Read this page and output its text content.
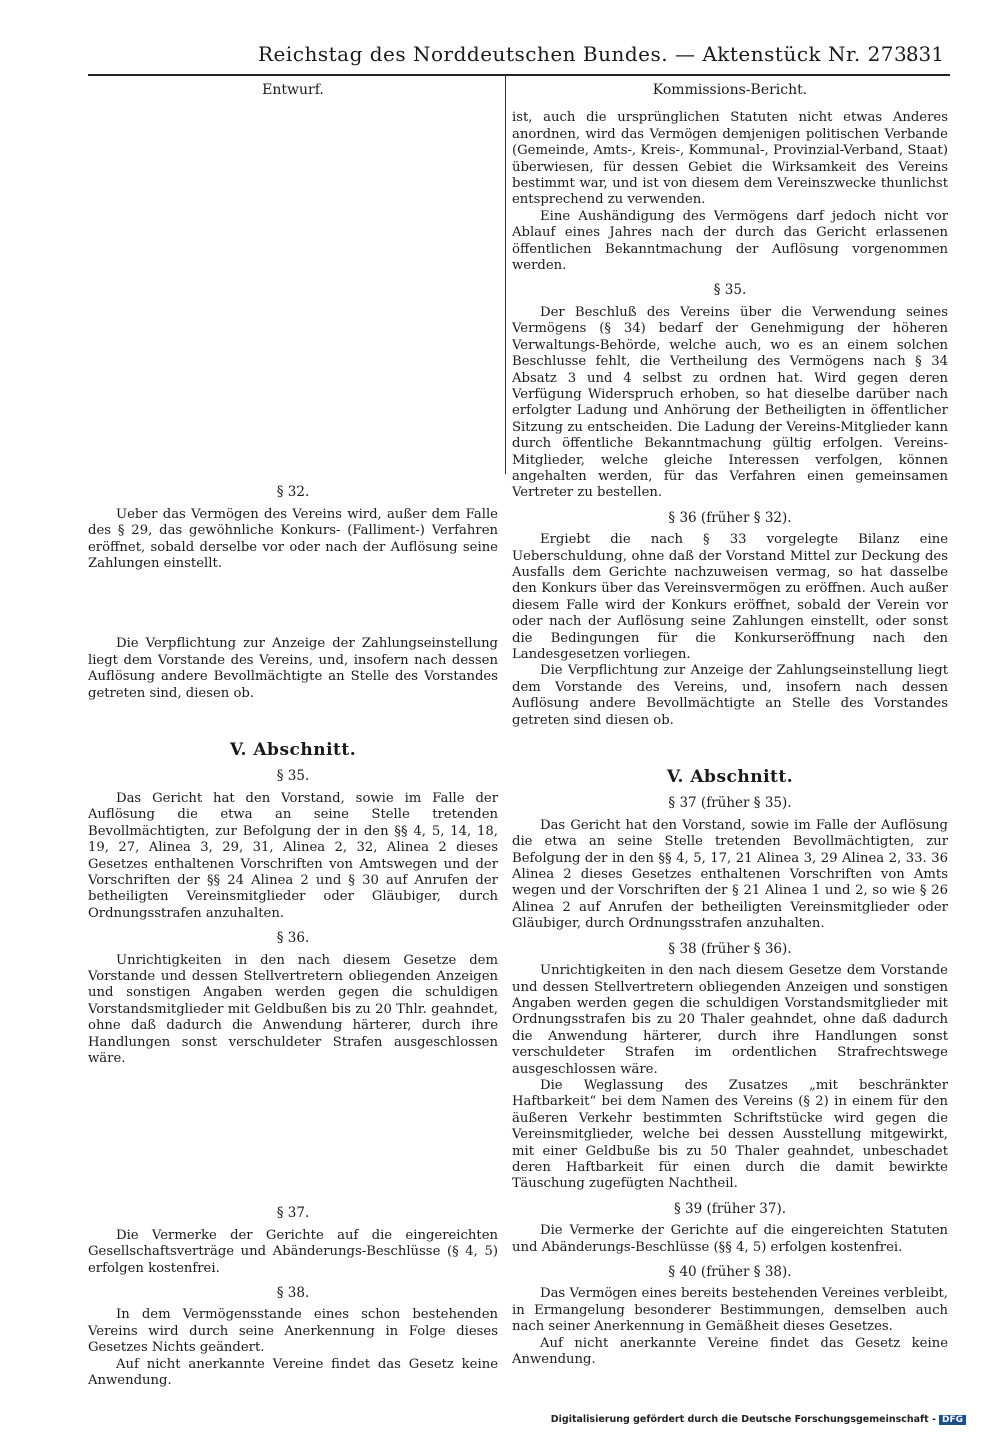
Reichstag des Norddeutschen Bundes. — Aktenstück Nr. 273.
831
Entwurf.
§ 32.

Ueber das Vermögen des Vereins wird, außer dem Falle des § 29, das gewöhnliche Konkurs- (Falliment-) Verfahren eröffnet, sobald derselbe vor oder nach der Auflösung seine Zahlungen einstellt.

Die Verpflichtung zur Anzeige der Zahlungseinstellung liegt dem Vorstande des Vereins, und, insofern nach dessen Auflösung andere Bevollmächtigte an Stelle des Vorstandes getreten sind, diesen ob.

V. Abschnitt.
§ 35.

Das Gericht hat den Vorstand, sowie im Falle der Auflösung die etwa an seine Stelle tretenden Bevollmächtigten, zur Befolgung der in den §§ 4, 5, 14, 18, 19, 27, Alinea 3, 29, 31, Alinea 2, 32, Alinea 2 dieses Gesetzes enthaltenen Vorschriften von Amtswegen und der Vorschriften der §§ 24 Alinea 2 und § 30 auf Anrufen der betheiligten Vereinsmitglieder oder Gläubiger, durch Ordnungsstrafen anzuhalten.

§ 36.

Unrichtigkeiten in den nach diesem Gesetze dem Vorstande und dessen Stellvertretern obliegenden Anzeigen und sonstigen Angaben werden gegen die schuldigen Vorstandsmitglieder mit Geldbußen bis zu 20 Thlr. geahndet, ohne daß dadurch die Anwendung härterer, durch ihre Handlungen sonst verschuldeter Strafen ausgeschlossen wäre.

§ 37.

Die Vermerke der Gerichte auf die eingereichten Gesellschaftsverträge und Abänderungs-Beschlüsse (§ 4, 5) erfolgen kostenfrei.

§ 38.

In dem Vermögensstande eines schon bestehenden Vereins wird durch seine Anerkennung in Folge dieses Gesetzes Nichts geändert.

Auf nicht anerkannte Vereine findet das Gesetz keine Anwendung.

Kommissions-Bericht.

ist, auch die ursprünglichen Statuten nicht etwas Anderes anordnen, wird das Vermögen demjenigen politischen Verbande (Gemeinde, Amts-, Kreis-, Kommunal-, Provinzial-Verband, Staat) überwiesen, für dessen Gebiet die Wirksamkeit des Vereins bestimmt war, und ist von diesem dem Vereinszwecke thunlichst entsprechend zu verwenden.

Eine Aushändigung des Vermögens darf jedoch nicht vor Ablauf eines Jahres nach der durch das Gericht erlassenen öffentlichen Bekanntmachung der Auflösung vorgenommen werden.

§ 35.

Der Beschluß des Vereins über die Verwendung seines Vermögens (§ 34) bedarf der Genehmigung der höheren Verwaltungs-Behörde, welche auch, wo es an einem solchen Beschlusse fehlt, die Vertheilung des Vermögens nach § 34 Absatz 3 und 4 selbst zu ordnen hat. Wird gegen deren Verfügung Widerspruch erhoben, so hat dieselbe darüber nach erfolgter Ladung und Anhörung der Betheiligten in öffentlicher Sitzung zu entscheiden. Die Ladung der Vereins-Mitglieder kann durch öffentliche Bekanntmachung gültig erfolgen. Vereins-Mitglieder, welche gleiche Interessen verfolgen, können angehalten werden, für das Verfahren einen gemeinsamen Vertreter zu bestellen.

§ 36 (früher § 32).

Ergiebt die nach § 33 vorgelegte Bilanz eine Ueberschuldung, ohne daß der Vorstand Mittel zur Deckung des Ausfalls dem Gerichte nachzuweisen vermag, so hat dasselbe den Konkurs über das Vereinsvermögen zu eröffnen. Auch außer diesem Falle wird der Konkurs eröffnet, sobald der Verein vor oder nach der Auflösung seine Zahlungen einstellt, oder sonst die Bedingungen für die Konkurseröffnung nach den Landesgesetzen vorliegen.

Die Verpflichtung zur Anzeige der Zahlungseinstellung liegt dem Vorstande des Vereins, und, insofern nach dessen Auflösung andere Bevollmächtigte an Stelle des Vorstandes getreten sind diesen ob.

V. Abschnitt.
§ 37 (früher § 35).

Das Gericht hat den Vorstand, sowie im Falle der Auflösung die etwa an seine Stelle tretenden Bevollmächtigten, zur Befolgung der in den §§ 4, 5, 17, 21 Alinea 3, 29 Alinea 2, 33. 36 Alinea 2 dieses Gesetzes enthaltenen Vorschriften von Amts wegen und der Vorschriften der § 21 Alinea 1 und 2, so wie § 26 Alinea 2 auf Anrufen der betheiligten Vereinsmitglieder oder Gläubiger, durch Ordnungsstrafen anzuhalten.

§ 38 (früher § 36).

Unrichtigkeiten in den nach diesem Gesetze dem Vorstande und dessen Stellvertretern obliegenden Anzeigen und sonstigen Angaben werden gegen die schuldigen Vorstandsmitglieder mit Ordnungsstrafen bis zu 20 Thaler geahndet, ohne daß dadurch die Anwendung härterer, durch ihre Handlungen sonst verschuldeter Strafen im ordentlichen Strafrechtswege ausgeschlossen wäre.

Die Weglassung des Zusatzes „mit beschränkter Haftbarkeit“ bei dem Namen des Vereins (§ 2) in einem für den äußeren Verkehr bestimmten Schriftstücke wird gegen die Vereinsmitglieder, welche bei dessen Ausstellung mitgewirkt, mit einer Geldbuße bis zu 50 Thaler geahndet, unbeschadet deren Haftbarkeit für einen durch die damit bewirkte Täuschung zugefügten Nachtheil.

§ 39 (früher 37).

Die Vermerke der Gerichte auf die eingereichten Statuten und Abänderungs-Beschlüsse (§§ 4, 5) erfolgen kostenfrei.

§ 40 (früher § 38).

Das Vermögen eines bereits bestehenden Vereines verbleibt, in Ermangelung besonderer Bestimmungen, demselben auch nach seiner Anerkennung in Gemäßheit dieses Gesetzes.

Auf nicht anerkannte Vereine findet das Gesetz keine Anwendung.

Digitalisierung gefördert durch die Deutsche Forschungsgemeinschaft - DFG
